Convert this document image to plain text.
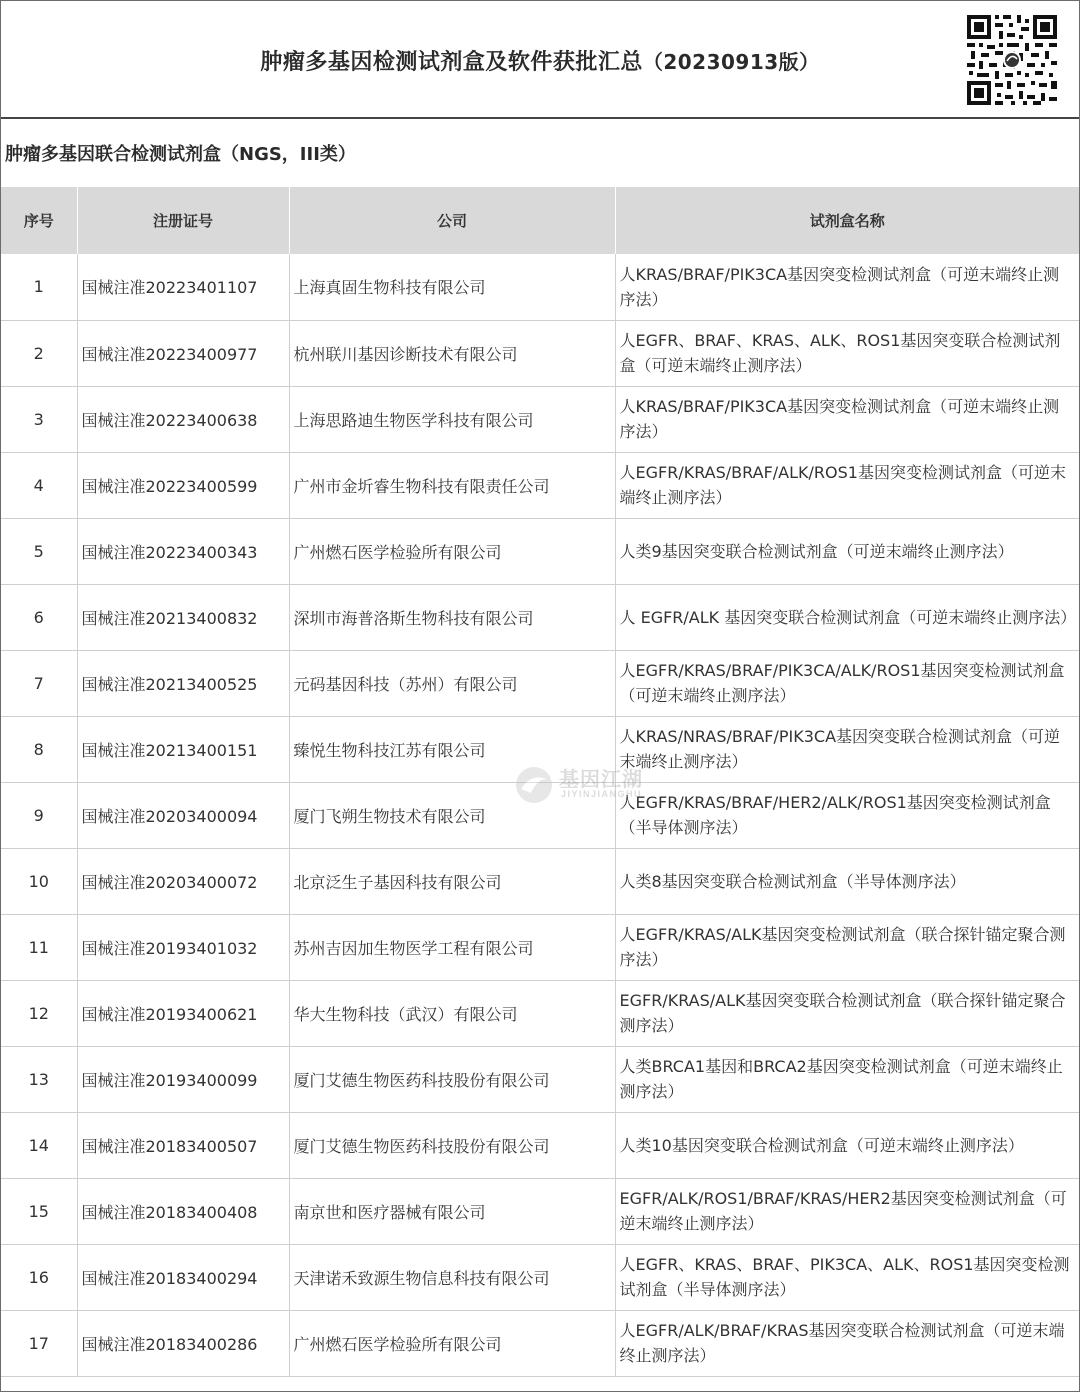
肿瘤多基因检测试剂盒及软件获批汇总（20230913版）
肿瘤多基因联合检测试剂盒（NGS，III类）
序号	注册证号	公司	试剂盒名称
1	国械注准20223401107	上海真固生物科技有限公司	人KRAS/BRAF/PIK3CA基因突变检测试剂盒（可逆末端终止测序法）
2	国械注准20223400977	杭州联川基因诊断技术有限公司	人EGFR、BRAF、KRAS、ALK、ROS1基因突变联合检测试剂盒（可逆末端终止测序法）
3	国械注准20223400638	上海思路迪生物医学科技有限公司	人KRAS/BRAF/PIK3CA基因突变检测试剂盒（可逆末端终止测序法）
4	国械注准20223400599	广州市金圻睿生物科技有限责任公司	人EGFR/KRAS/BRAF/ALK/ROS1基因突变检测试剂盒（可逆末端终止测序法）
5	国械注准20223400343	广州燃石医学检验所有限公司	人类9基因突变联合检测试剂盒（可逆末端终止测序法）
6	国械注准20213400832	深圳市海普洛斯生物科技有限公司	人 EGFR/ALK 基因突变联合检测试剂盒（可逆末端终止测序法）
7	国械注准20213400525	元码基因科技（苏州）有限公司	人EGFR/KRAS/BRAF/PIK3CA/ALK/ROS1基因突变检测试剂盒（可逆末端终止测序法）
8	国械注准20213400151	臻悦生物科技江苏有限公司	人KRAS/NRAS/BRAF/PIK3CA基因突变联合检测试剂盒（可逆末端终止测序法）
9	国械注准20203400094	厦门飞朔生物技术有限公司	人EGFR/KRAS/BRAF/HER2/ALK/ROS1基因突变检测试剂盒（半导体测序法）
10	国械注准20203400072	北京泛生子基因科技有限公司	人类8基因突变联合检测试剂盒（半导体测序法）
11	国械注准20193401032	苏州吉因加生物医学工程有限公司	人EGFR/KRAS/ALK基因突变检测试剂盒（联合探针锚定聚合测序法）
12	国械注准20193400621	华大生物科技（武汉）有限公司	EGFR/KRAS/ALK基因突变联合检测试剂盒（联合探针锚定聚合测序法）
13	国械注准20193400099	厦门艾德生物医药科技股份有限公司	人类BRCA1基因和BRCA2基因突变检测试剂盒（可逆末端终止测序法）
14	国械注准20183400507	厦门艾德生物医药科技股份有限公司	人类10基因突变联合检测试剂盒（可逆末端终止测序法）
15	国械注准20183400408	南京世和医疗器械有限公司	EGFR/ALK/ROS1/BRAF/KRAS/HER2基因突变检测试剂盒（可逆末端终止测序法）
16	国械注准20183400294	天津诺禾致源生物信息科技有限公司	人EGFR、KRAS、BRAF、PIK3CA、ALK、ROS1基因突变检测试剂盒（半导体测序法）
17	国械注准20183400286	广州燃石医学检验所有限公司	人EGFR/ALK/BRAF/KRAS基因突变联合检测试剂盒（可逆末端终止测序法）
基因江湖
JIYINJIANGHU
